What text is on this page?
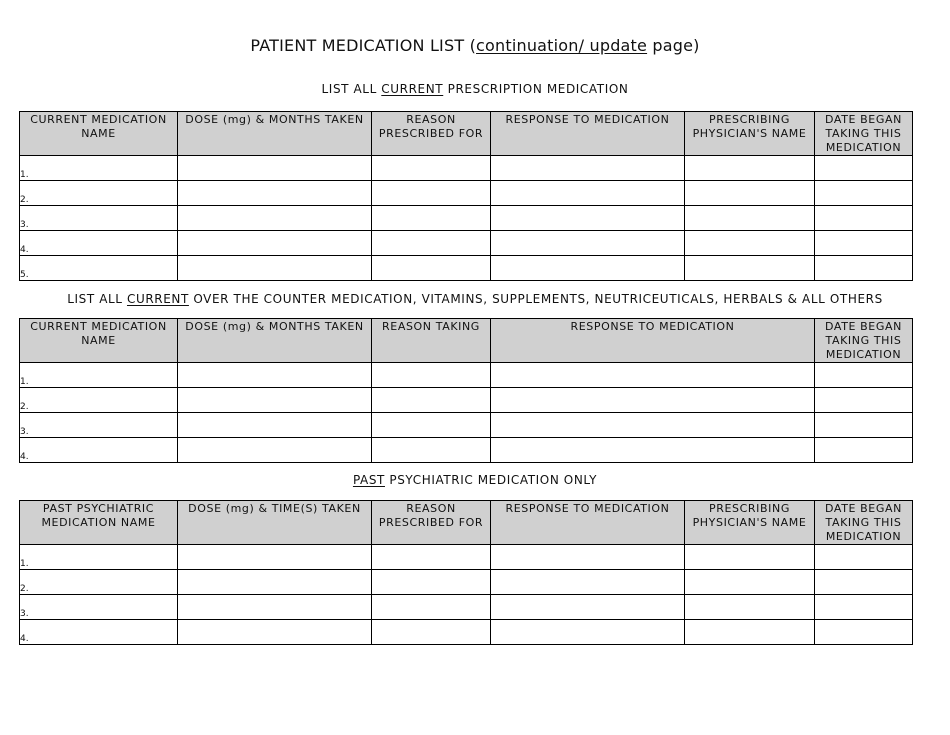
PATIENT MEDICATION LIST (continuation/ update page)
LIST ALL CURRENT PRESCRIPTION MEDICATION
CURRENT MEDICATION NAME	DOSE (mg) & MONTHS TAKEN	REASON PRESCRIBED FOR	RESPONSE TO MEDICATION	PRESCRIBING PHYSICIAN'S NAME	DATE BEGAN TAKING THIS MEDICATION
1.					
2.					
3.					
4.					
5.					
LIST ALL CURRENT OVER THE COUNTER MEDICATION, VITAMINS, SUPPLEMENTS, NEUTRICEUTICALS, HERBALS & ALL OTHERS
CURRENT MEDICATION NAME	DOSE (mg) & MONTHS TAKEN	REASON TAKING	RESPONSE TO MEDICATION	DATE BEGAN TAKING THIS MEDICATION
1.				
2.				
3.				
4.				
PAST PSYCHIATRIC MEDICATION ONLY
PAST PSYCHIATRIC MEDICATION NAME	DOSE (mg) & TIME(S) TAKEN	REASON PRESCRIBED FOR	RESPONSE TO MEDICATION	PRESCRIBING PHYSICIAN'S NAME	DATE BEGAN TAKING THIS MEDICATION
1.					
2.					
3.					
4.					
